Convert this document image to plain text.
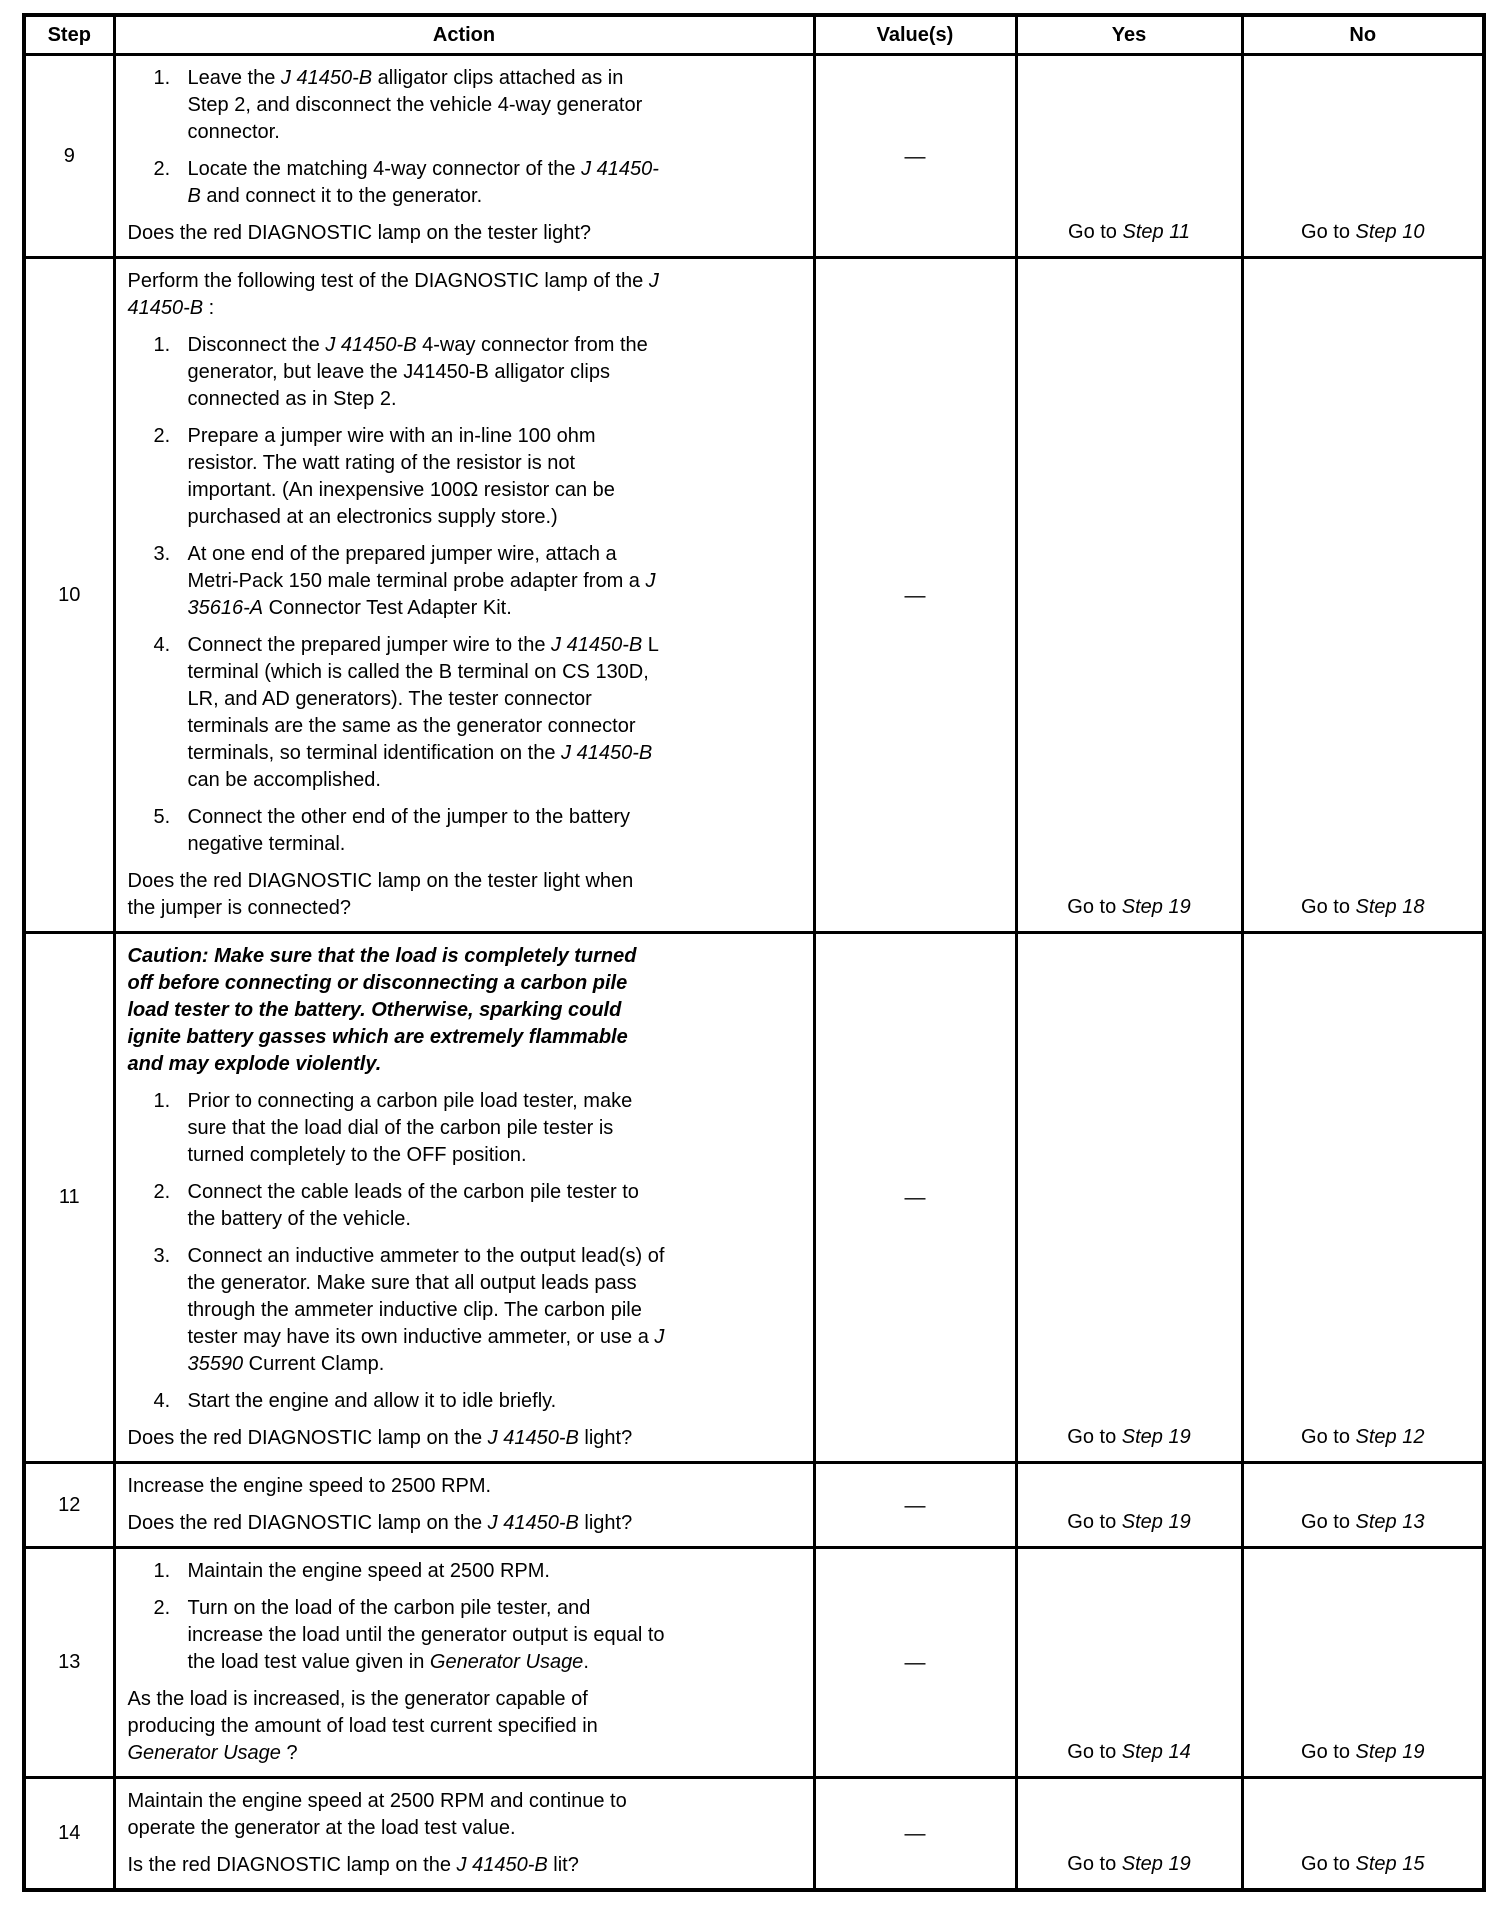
Step	Action	Value(s)	Yes	No
9	1. Leave the J 41450-B alligator clips attached as in Step 2, and disconnect the vehicle 4-way generator connector.
2. Locate the matching 4-way connector of the J 41450-B and connect it to the generator.
Does the red DIAGNOSTIC lamp on the tester light?	—	Go to Step 11	Go to Step 10
10	
Perform the following test of the DIAGNOSTIC lamp of the J 41450-B :
1. Disconnect the J 41450-B 4-way connector from the generator, but leave the J41450-B alligator clips connected as in Step 2.
2. Prepare a jumper wire with an in-line 100 ohm resistor. The watt rating of the resistor is not important. (An inexpensive 100Ω resistor can be purchased at an electronics supply store.)
3. At one end of the prepared jumper wire, attach a Metri-Pack 150 male terminal probe adapter from a J 35616-A Connector Test Adapter Kit.
4. Connect the prepared jumper wire to the J 41450-B L terminal (which is called the B terminal on CS 130D, LR, and AD generators). The tester connector terminals are the same as the generator connector terminals, so terminal identification on the J 41450-B can be accomplished.
5. Connect the other end of the jumper to the battery negative terminal.
Does the red DIAGNOSTIC lamp on the tester light when the jumper is connected?
	—	Go to Step 19	Go to Step 18
11	
Caution: Make sure that the load is completely turned off before connecting or disconnecting a carbon pile load tester to the battery. Otherwise, sparking could ignite battery gasses which are extremely flammable and may explode violently.
1. Prior to connecting a carbon pile load tester, make sure that the load dial of the carbon pile tester is turned completely to the OFF position.
2. Connect the cable leads of the carbon pile tester to the battery of the vehicle.
3. Connect an inductive ammeter to the output lead(s) of the generator. Make sure that all output leads pass through the ammeter inductive clip. The carbon pile tester may have its own inductive ammeter, or use a J 35590 Current Clamp.
4. Start the engine and allow it to idle briefly.
Does the red DIAGNOSTIC lamp on the J 41450-B light?
	—	Go to Step 19	Go to Step 12
12	Increase the engine speed to 2500 RPM.
Does the red DIAGNOSTIC lamp on the J 41450-B light?	—	Go to Step 19	Go to Step 13
13	1. Maintain the engine speed at 2500 RPM.
2. Turn on the load of the carbon pile tester, and increase the load until the generator output is equal to the load test value given in Generator Usage.
As the load is increased, is the generator capable of producing the amount of load test current specified in Generator Usage ?	—	Go to Step 14	Go to Step 19
14	Maintain the engine speed at 2500 RPM and continue to operate the generator at the load test value.
Is the red DIAGNOSTIC lamp on the J 41450-B lit?	—	Go to Step 19	Go to Step 15
